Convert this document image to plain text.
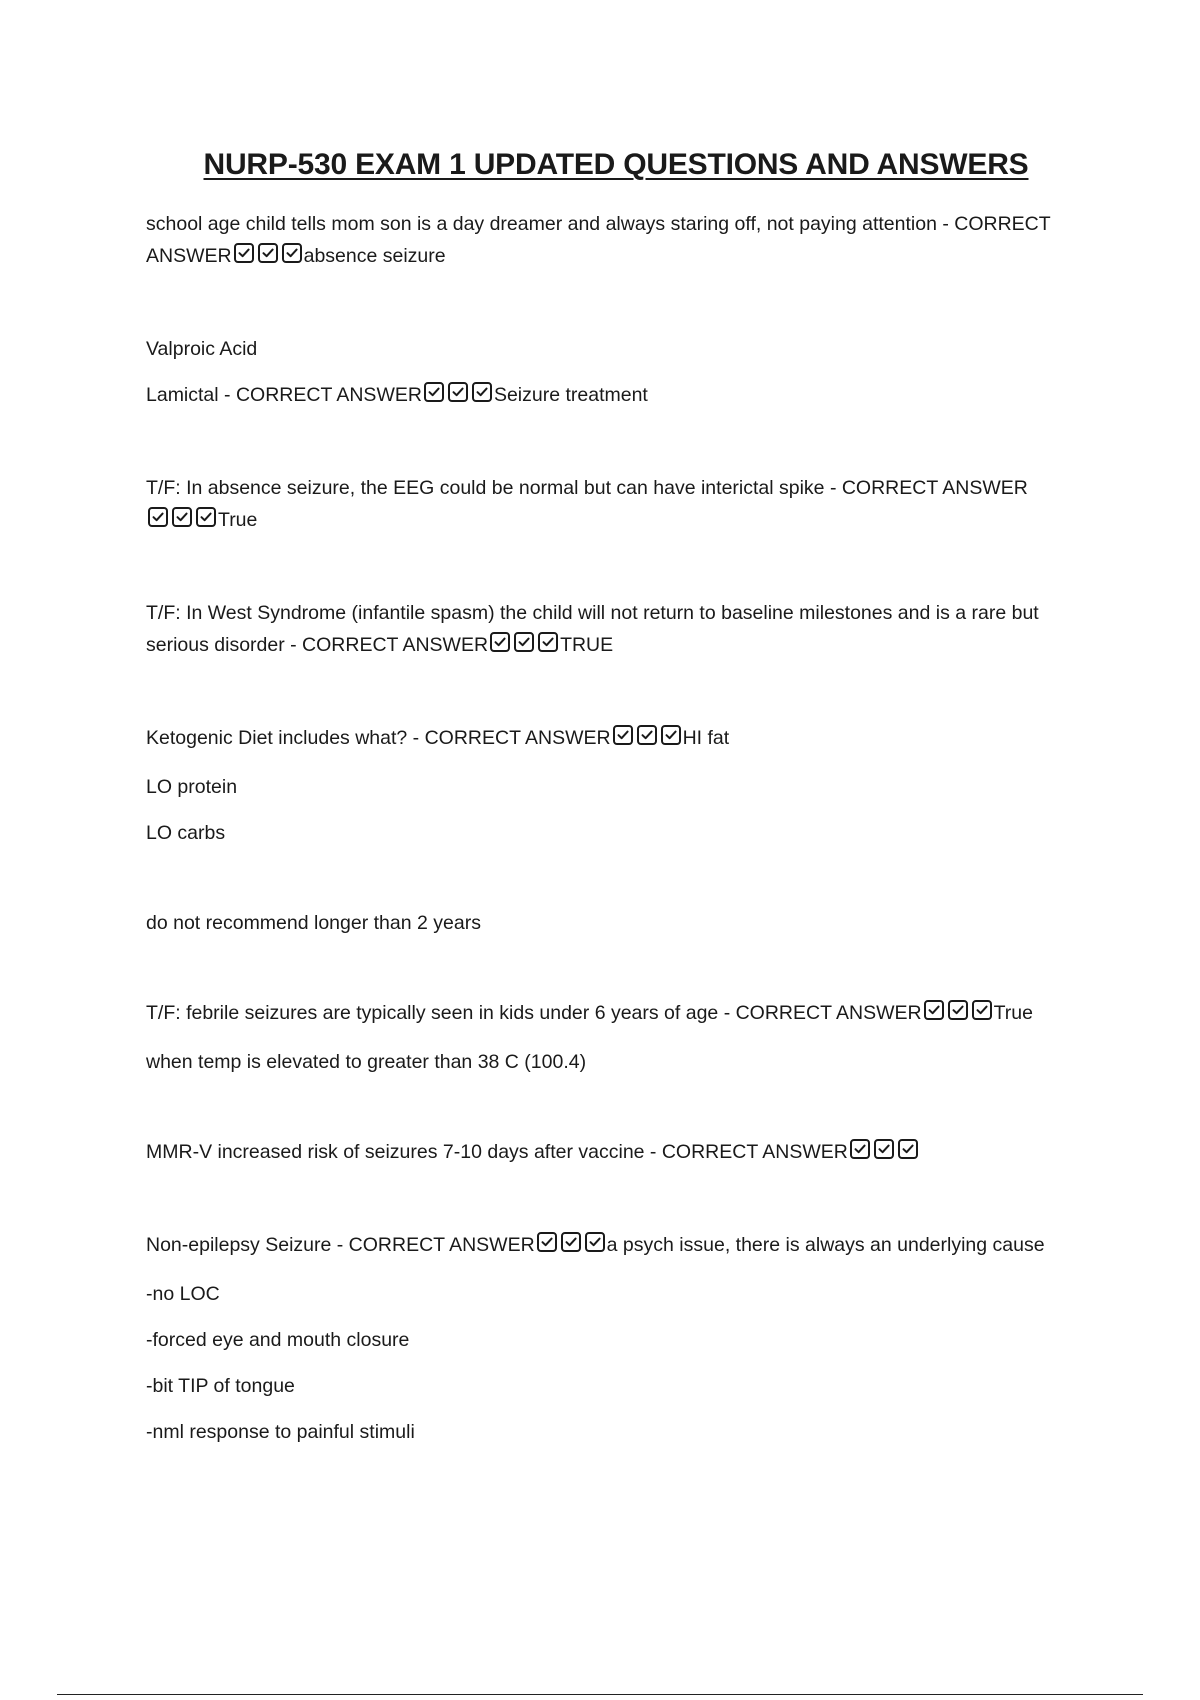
NURP-530 EXAM 1 UPDATED QUESTIONS AND ANSWERS

school age child tells mom son is a day dreamer and always staring off, not paying attention - CORRECT ANSWER	absence seizure

Valproic Acid

Lamictal - CORRECT ANSWER	Seizure treatment

T/F: In absence seizure, the EEG could be normal but can have interictal spike - CORRECT ANSWER
True

T/F: In West Syndrome (infantile spasm) the child will not return to baseline milestones and is a rare but serious disorder - CORRECT ANSWER	TRUE

Ketogenic Diet includes what? - CORRECT ANSWER	HI fat

LO protein

LO carbs

do not recommend longer than 2 years

T/F: febrile seizures are typically seen in kids under 6 years of age - CORRECT ANSWER	True

when temp is elevated to greater than 38 C (100.4)

MMR-V increased risk of seizures 7-10 days after vaccine - CORRECT ANSWER

Non-epilepsy Seizure - CORRECT ANSWER	a psych issue, there is always an underlying cause

-no LOC

-forced eye and mouth closure

-bit TIP of tongue

-nml response to painful stimuli
